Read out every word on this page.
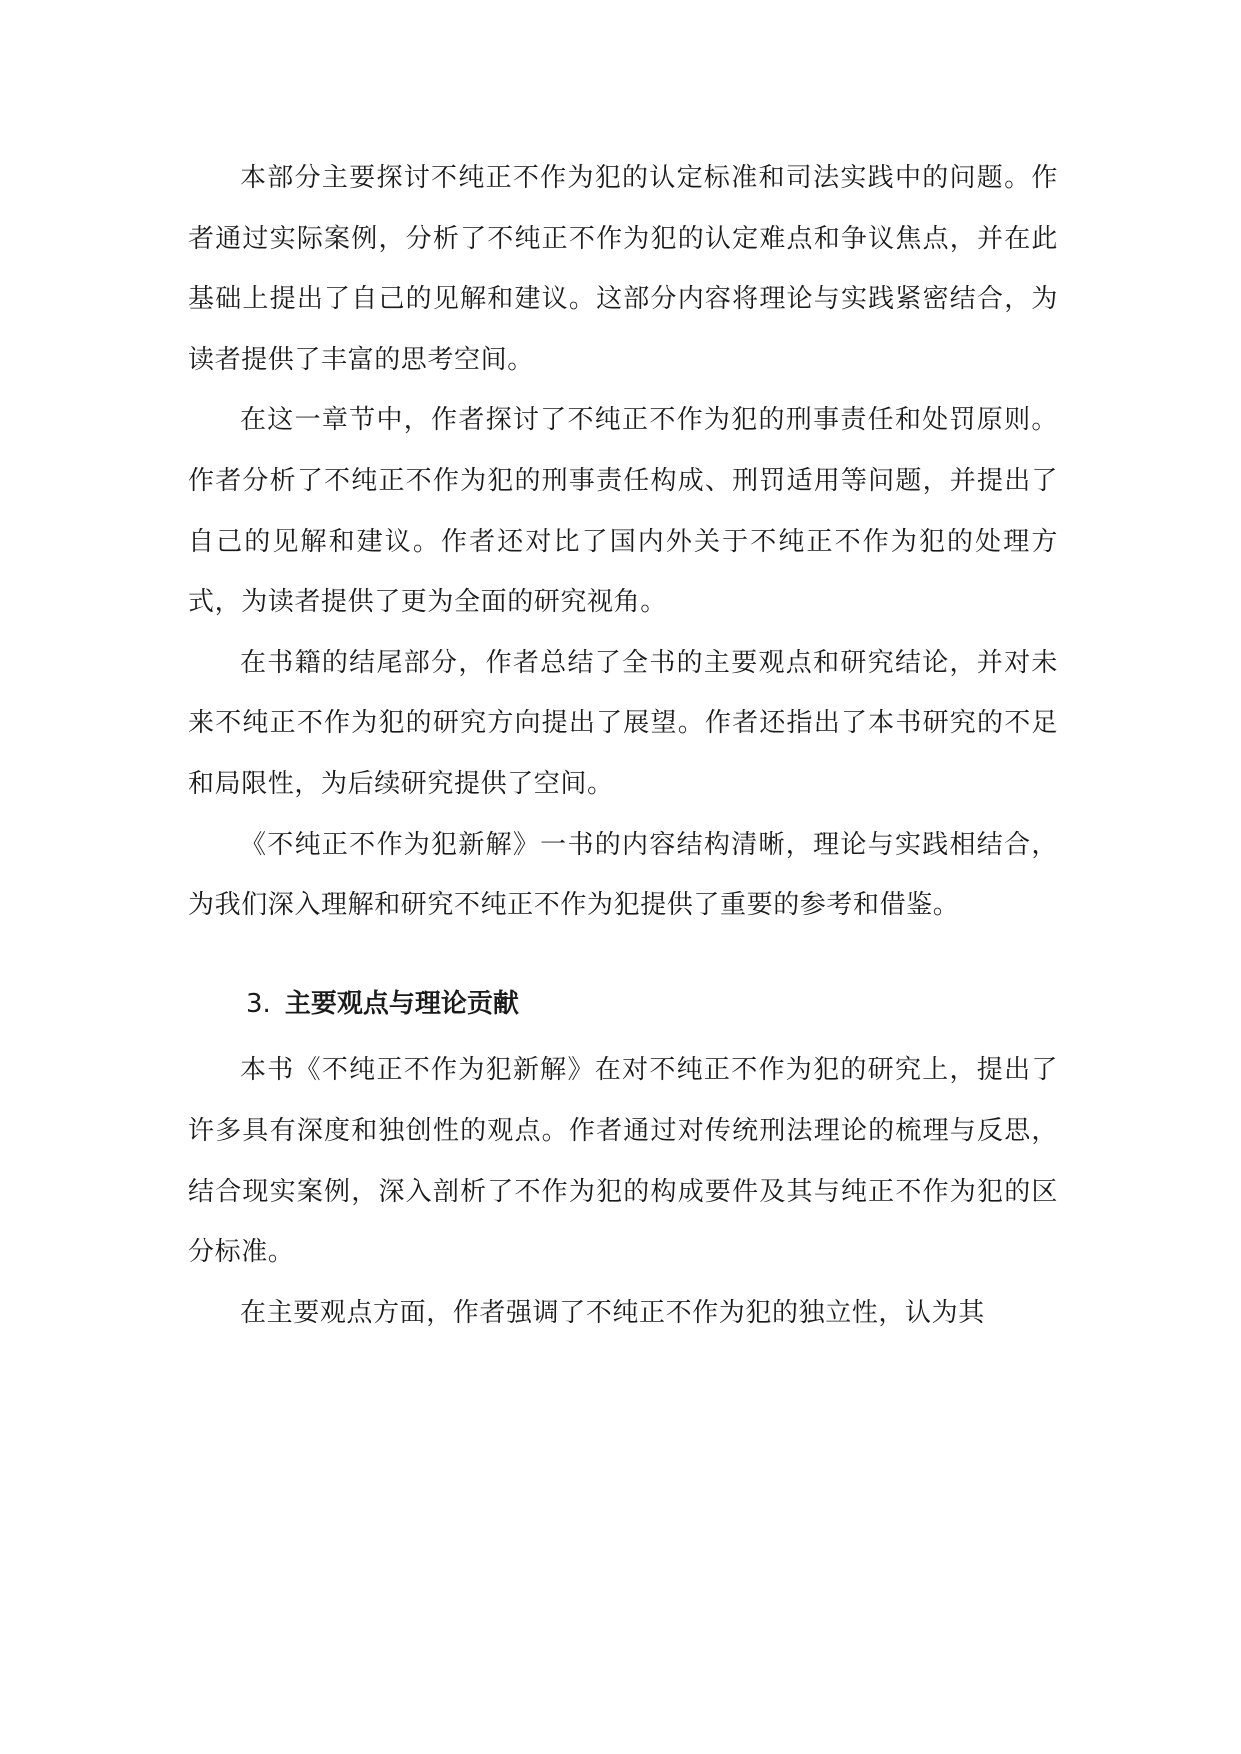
本部分主要探讨不纯正不作为犯的认定标准和司法实践中的问题。作者通过实际案例，分析了不纯正不作为犯的认定难点和争议焦点，并在此基础上提出了自己的见解和建议。这部分内容将理论与实践紧密结合，为读者提供了丰富的思考空间。

在这一章节中，作者探讨了不纯正不作为犯的刑事责任和处罚原则。作者分析了不纯正不作为犯的刑事责任构成、刑罚适用等问题，并提出了自己的见解和建议。作者还对比了国内外关于不纯正不作为犯的处理方式，为读者提供了更为全面的研究视角。

在书籍的结尾部分，作者总结了全书的主要观点和研究结论，并对未来不纯正不作为犯的研究方向提出了展望。作者还指出了本书研究的不足和局限性，为后续研究提供了空间。

《不纯正不作为犯新解》一书的内容结构清晰，理论与实践相结合，为我们深入理解和研究不纯正不作为犯提供了重要的参考和借鉴。

3. 主要观点与理论贡献

本书《不纯正不作为犯新解》在对不纯正不作为犯的研究上，提出了许多具有深度和独创性的观点。作者通过对传统刑法理论的梳理与反思，结合现实案例，深入剖析了不作为犯的构成要件及其与纯正不作为犯的区分标准。

在主要观点方面，作者强调了不纯正不作为犯的独立性，认为其
